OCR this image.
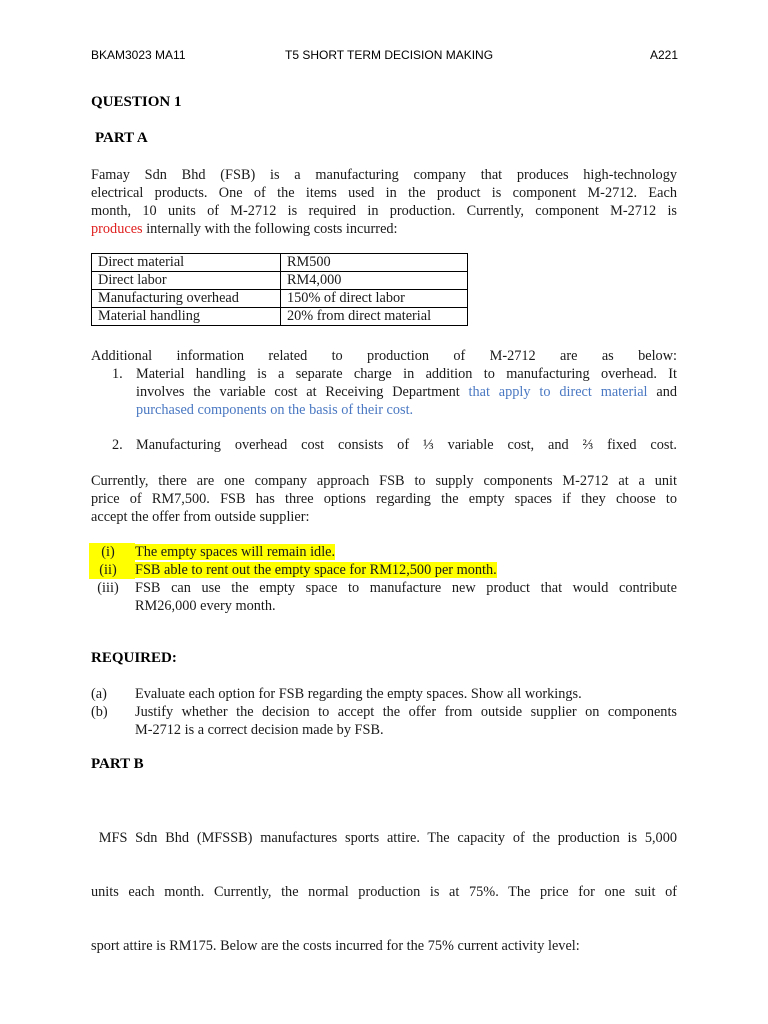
BKAM3023 MA11	T5 SHORT TERM DECISION MAKING	A221
QUESTION 1
PART A
Famay Sdn Bhd (FSB) is a manufacturing company that produces high-technology
electrical products. One of the items used in the product is component M-2712. Each
month, 10 units of M-2712 is required in production. Currently, component M-2712 is
produces internally with the following costs incurred:
Direct material	RM500
Direct labor	RM4,000
Manufacturing overhead	150% of direct labor
Material handling	20% from direct material
Additional information related to production of M-2712 are as below:
1. Material handling is a separate charge in addition to manufacturing overhead. It
involves the variable cost at Receiving Department that apply to direct material and
purchased components on the basis of their cost.
2. Manufacturing overhead cost consists of ⅓ variable cost, and ⅔ fixed cost.
Currently, there are one company approach FSB to supply components M-2712 at a unit
price of RM7,500. FSB has three options regarding the empty spaces if they choose to
accept the offer from outside supplier:
(i)	The empty spaces will remain idle.
(ii)	FSB able to rent out the empty space for RM12,500 per month.
(iii)	FSB can use the empty space to manufacture new product that would contribute
RM26,000 every month.
REQUIRED:
(a) Evaluate each option for FSB regarding the empty spaces. Show all workings.
(b) Justify whether the decision to accept the offer from outside supplier on components
M-2712 is a correct decision made by FSB.
PART B

MFS Sdn Bhd (MFSSB) manufactures sports attire. The capacity of the production is 5,000

units each month. Currently, the normal production is at 75%. The price for one suit of

sport attire is RM175. Below are the costs incurred for the 75% current activity level:
